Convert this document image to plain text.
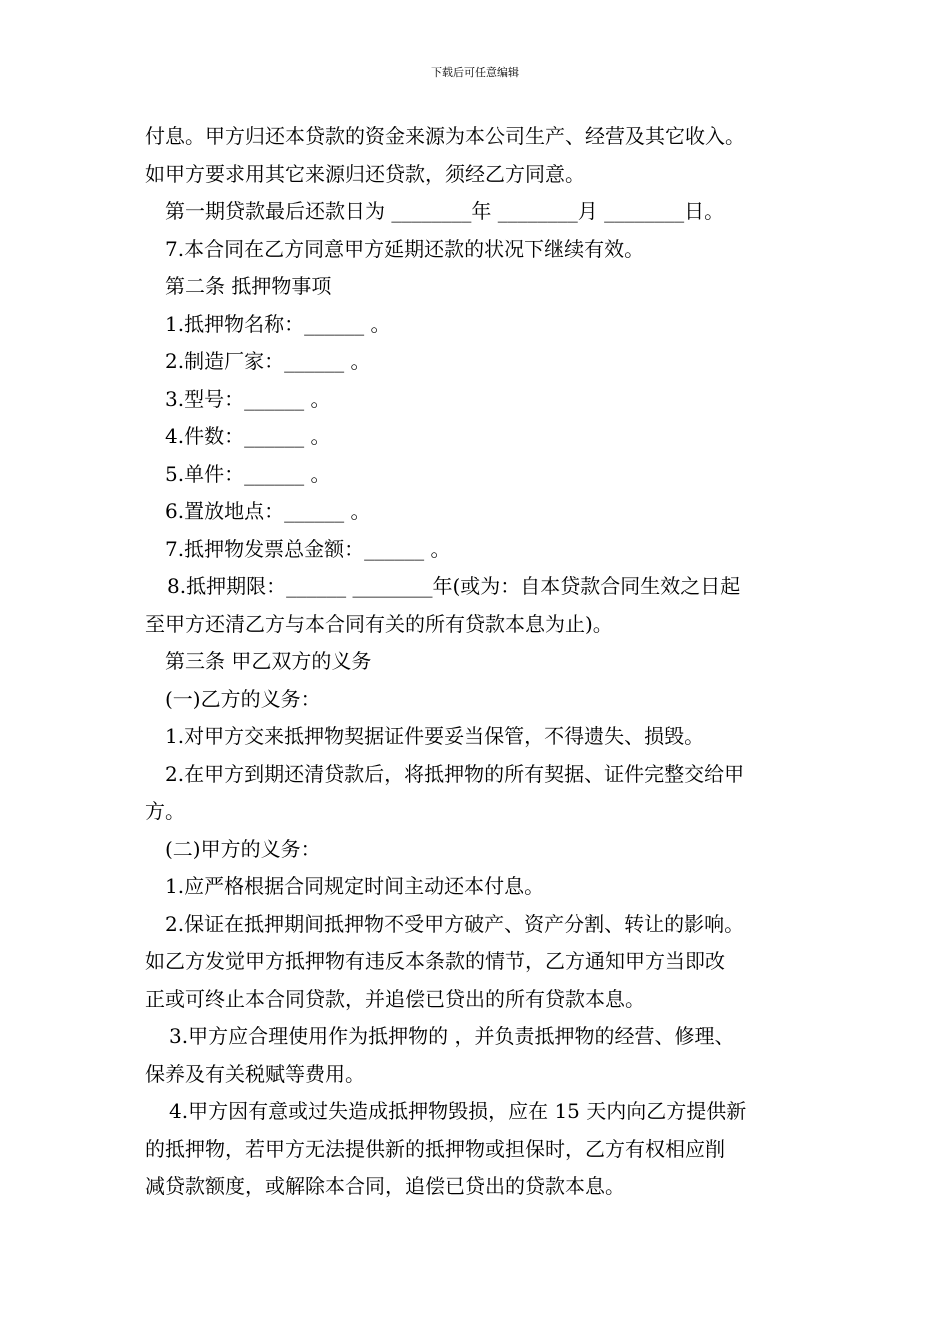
下载后可任意编辑
付息。甲方归还本贷款的资金来源为本公司生产、经营及其它收入。
如甲方要求用其它来源归还贷款，须经乙方同意。
第一期贷款最后还款日为 ________年 ________月 ________日。
7.本合同在乙方同意甲方延期还款的状况下继续有效。
第二条 抵押物事项
1.抵押物名称：______ 。
2.制造厂家：______ 。
3.型号：______ 。
4.件数：______ 。
5.单件：______ 。
6.置放地点：______ 。
7.抵押物发票总金额：______ 。
8.抵押期限：______ ________年(或为：自本贷款合同生效之日起
至甲方还清乙方与本合同有关的所有贷款本息为止)。
第三条 甲乙双方的义务
(一)乙方的义务：
1.对甲方交来抵押物契据证件要妥当保管，不得遗失、损毁。
2.在甲方到期还清贷款后，将抵押物的所有契据、证件完整交给甲
方。
(二)甲方的义务：
1.应严格根据合同规定时间主动还本付息。
2.保证在抵押期间抵押物不受甲方破产、资产分割、转让的影响。
如乙方发觉甲方抵押物有违反本条款的情节，乙方通知甲方当即改
正或可终止本合同贷款，并追偿已贷出的所有贷款本息。
3.甲方应合理使用作为抵押物的 ，并负责抵押物的经营、修理、
保养及有关税赋等费用。
4.甲方因有意或过失造成抵押物毁损，应在 15 天内向乙方提供新
的抵押物，若甲方无法提供新的抵押物或担保时，乙方有权相应削
减贷款额度，或解除本合同，追偿已贷出的贷款本息。
